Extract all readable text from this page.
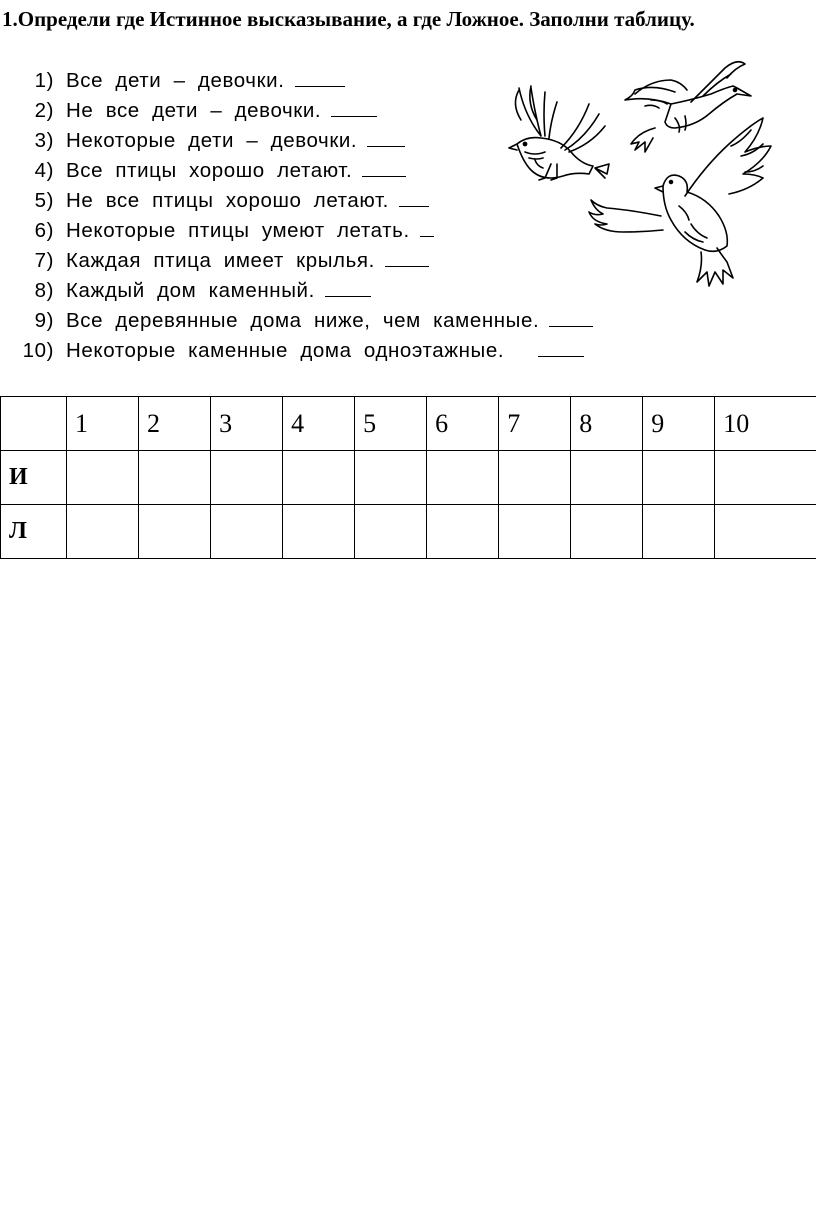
1.Определи где Истинное высказывание, а где Ложное. Заполни таблицу.
1) Все дети – девочки.
2) Не все дети – девочки.
3) Некоторые дети – девочки.
4) Все птицы хорошо летают.
5) Не все птицы хорошо летают.
6) Некоторые птицы умеют летать.
7) Каждая птица имеет крылья.
8) Каждый дом каменный.
9) Все деревянные дома ниже, чем каменные.
10) Некоторые каменные дома одноэтажные.
	1	2	3	4	5	6	7	8	9	10
И										
Л										
